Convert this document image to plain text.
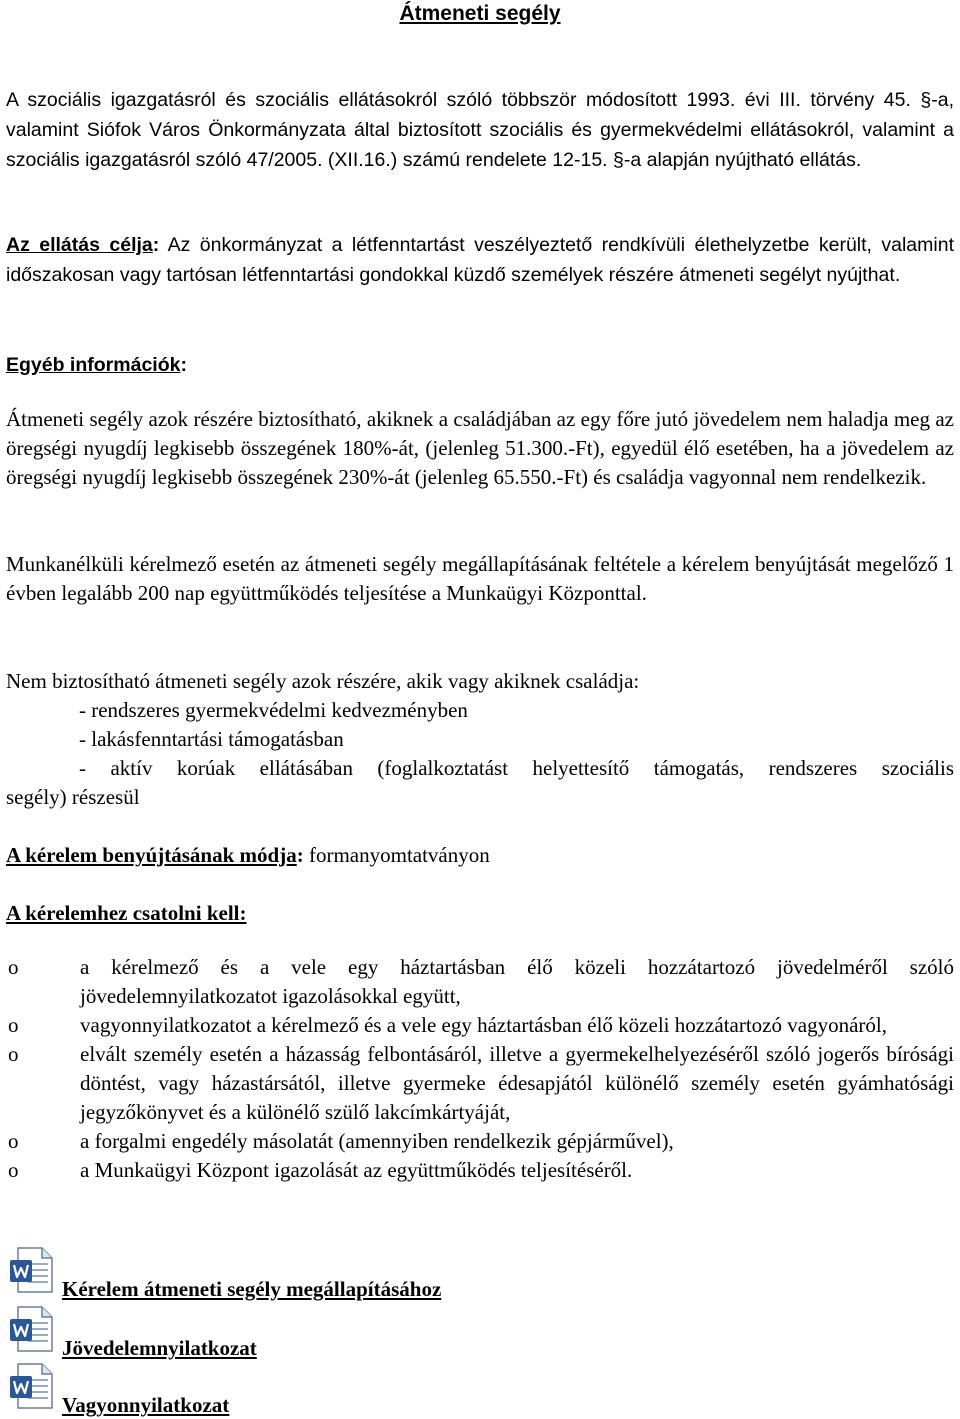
Átmeneti segély
A szociális igazgatásról és szociális ellátásokról szóló többször módosított 1993. évi III. törvény 45. §-a, valamint Siófok Város Önkormányzata által biztosított szociális és gyermekvédelmi ellátásokról, valamint a szociális igazgatásról szóló 47/2005. (XII.16.) számú rendelete 12-15. §-a alapján nyújtható ellátás.
Az ellátás célja: Az önkormányzat a létfenntartást veszélyeztető rendkívüli élethelyzetbe került, valamint időszakosan vagy tartósan létfenntartási gondokkal küzdő személyek részére átmeneti segélyt nyújthat.
Egyéb információk:
Átmeneti segély azok részére biztosítható, akiknek a családjában az egy főre jutó jövedelem nem haladja meg az öregségi nyugdíj legkisebb összegének 180%-át, (jelenleg 51.300.-Ft), egyedül élő esetében, ha a jövedelem az öregségi nyugdíj legkisebb összegének 230%-át (jelenleg 65.550.-Ft) és családja vagyonnal nem rendelkezik.
Munkanélküli kérelmező esetén az átmeneti segély megállapításának feltétele a kérelem benyújtását megelőző 1 évben legalább 200 nap együttműködés teljesítése a Munkaügyi Központtal.
Nem biztosítható átmeneti segély azok részére, akik vagy akiknek családja:
- rendszeres gyermekvédelmi kedvezményben
- lakásfenntartási támogatásban
- aktív korúak ellátásában (foglalkoztatást helyettesítő támogatás, rendszeres szociális
segély) részesül
A kérelem benyújtásának módja: formanyomtatványon
A kérelemhez csatolni kell:
o	a kérelmező és a vele egy háztartásban élő közeli hozzátartozó jövedelméről szóló jövedelemnyilatkozatot igazolásokkal együtt,
o	vagyonnyilatkozatot a kérelmező és a vele egy háztartásban élő közeli hozzátartozó vagyonáról,
o	elvált személy esetén a házasság felbontásáról, illetve a gyermekelhelyezéséről szóló jogerős bírósági döntést, vagy házastársától, illetve gyermeke édesapjától különélő személy esetén gyámhatósági jegyzőkönyvet és a különélő szülő lakcímkártyáját,
o	a forgalmi engedély másolatát (amennyiben rendelkezik gépjárművel),
o	a Munkaügyi Központ igazolását az együttműködés teljesítéséről.
Kérelem átmeneti segély megállapításához
Jövedelemnyilatkozat
Vagyonnyilatkozat
